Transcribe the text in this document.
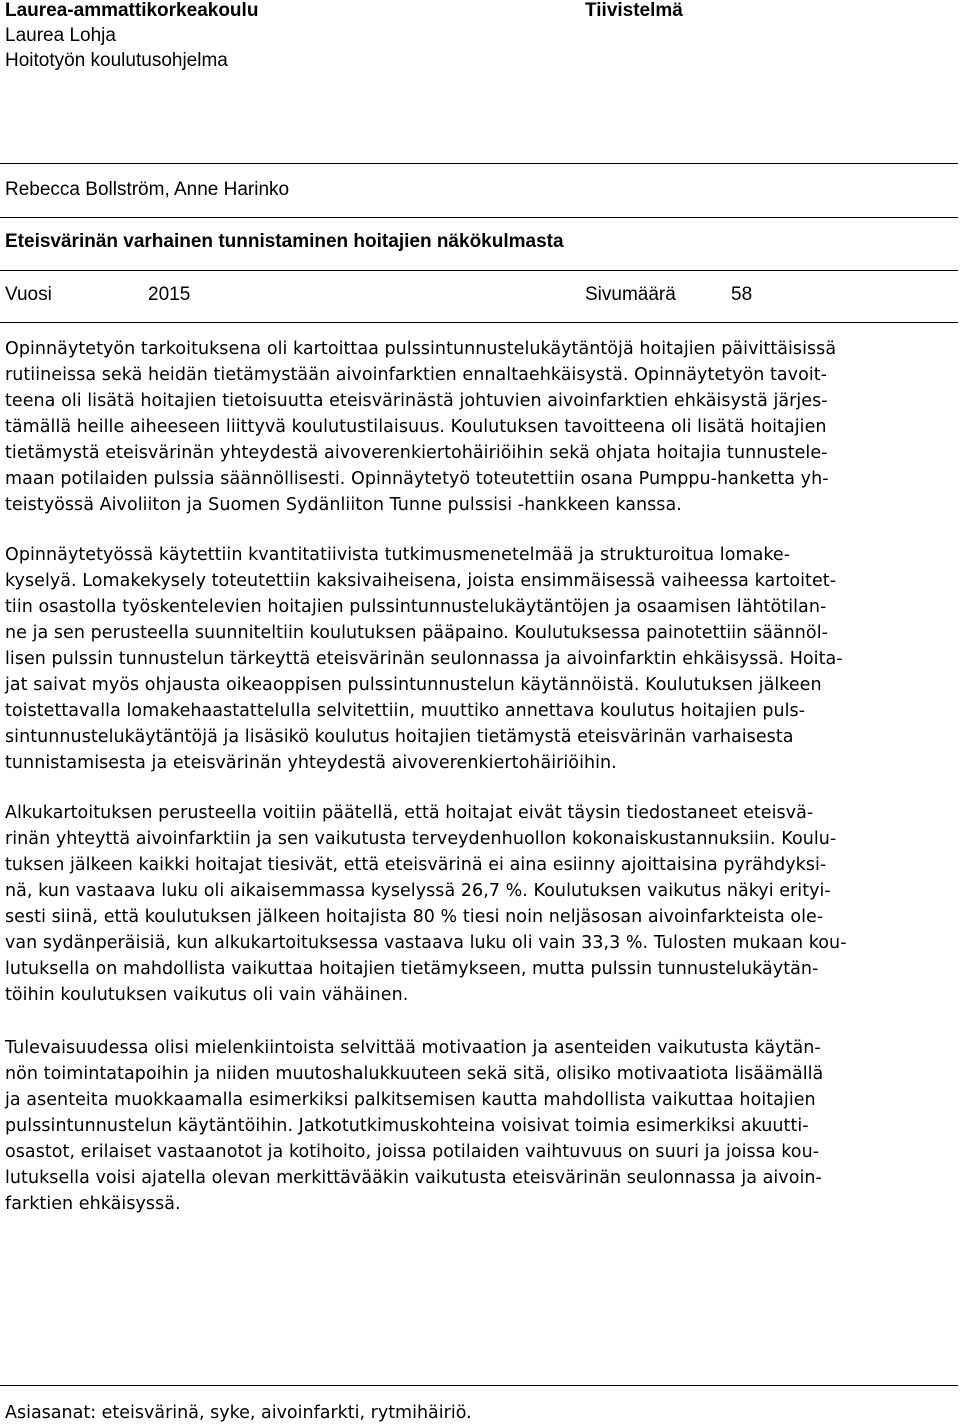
Laurea-ammattikorkeakoulu
Laurea Lohja
Hoitotyön koulutusohjelma
Tiivistelmä
Rebecca Bollström, Anne Harinko
Eteisvärinän varhainen tunnistaminen hoitajien näkökulmasta
Vuosi	2015	Sivumäärä	58
Opinnäytetyön tarkoituksena oli kartoittaa pulssintunnustelukäytäntöjä hoitajien päivittäisissä
rutiineissa sekä heidän tietämystään aivoinfarktien ennaltaehkäisystä. Opinnäytetyön tavoit-
teena oli lisätä hoitajien tietoisuutta eteisvärinästä johtuvien aivoinfarktien ehkäisystä järjes-
tämällä heille aiheeseen liittyvä koulutustilaisuus. Koulutuksen tavoitteena oli lisätä hoitajien
tietämystä eteisvärinän yhteydestä aivoverenkiertohäiriöihin sekä ohjata hoitajia tunnustele-
maan potilaiden pulssia säännöllisesti. Opinnäytetyö toteutettiin osana Pumppu-hanketta yh-
teistyössä Aivoliiton ja Suomen Sydänliiton Tunne pulssisi -hankkeen kanssa.
Opinnäytetyössä käytettiin kvantitatiivista tutkimusmenetelmää ja strukturoitua lomake-
kyselyä. Lomakekysely toteutettiin kaksivaiheisena, joista ensimmäisessä vaiheessa kartoitet-
tiin osastolla työskentelevien hoitajien pulssintunnustelukäytäntöjen ja osaamisen lähtötilan-
ne ja sen perusteella suunniteltiin koulutuksen pääpaino. Koulutuksessa painotettiin säännöl-
lisen pulssin tunnustelun tärkeyttä eteisvärinän seulonnassa ja aivoinfarktin ehkäisyssä. Hoita-
jat saivat myös ohjausta oikeaoppisen pulssintunnustelun käytännöistä. Koulutuksen jälkeen
toistettavalla lomakehaastattelulla selvitettiin, muuttiko annettava koulutus hoitajien puls-
sintunnustelukäytäntöjä ja lisäsikö koulutus hoitajien tietämystä eteisvärinän varhaisesta
tunnistamisesta ja eteisvärinän yhteydestä aivoverenkiertohäiriöihin.
Alkukartoituksen perusteella voitiin päätellä, että hoitajat eivät täysin tiedostaneet eteisvä-
rinän yhteyttä aivoinfarktiin ja sen vaikutusta terveydenhuollon kokonaiskustannuksiin. Koulu-
tuksen jälkeen kaikki hoitajat tiesivät, että eteisvärinä ei aina esiinny ajoittaisina pyrähdyksi-
nä, kun vastaava luku oli aikaisemmassa kyselyssä 26,7 %. Koulutuksen vaikutus näkyi erityi-
sesti siinä, että koulutuksen jälkeen hoitajista 80 % tiesi noin neljäsosan aivoinfarkteista ole-
van sydänperäisiä, kun alkukartoituksessa vastaava luku oli vain 33,3 %. Tulosten mukaan kou-
lutuksella on mahdollista vaikuttaa hoitajien tietämykseen, mutta pulssin tunnustelukäytän-
töihin koulutuksen vaikutus oli vain vähäinen.
Tulevaisuudessa olisi mielenkiintoista selvittää motivaation ja asenteiden vaikutusta käytän-
nön toimintatapoihin ja niiden muutoshalukkuuteen sekä sitä, olisiko motivaatiota lisäämällä
ja asenteita muokkaamalla esimerkiksi palkitsemisen kautta mahdollista vaikuttaa hoitajien
pulssintunnustelun käytäntöihin. Jatkotutkimuskohteina voisivat toimia esimerkiksi akuutti-
osastot, erilaiset vastaanotot ja kotihoito, joissa potilaiden vaihtuvuus on suuri ja joissa kou-
lutuksella voisi ajatella olevan merkittävääkin vaikutusta eteisvärinän seulonnassa ja aivoin-
farktien ehkäisyssä.
Asiasanat: eteisvärinä, syke, aivoinfarkti, rytmihäiriö.
